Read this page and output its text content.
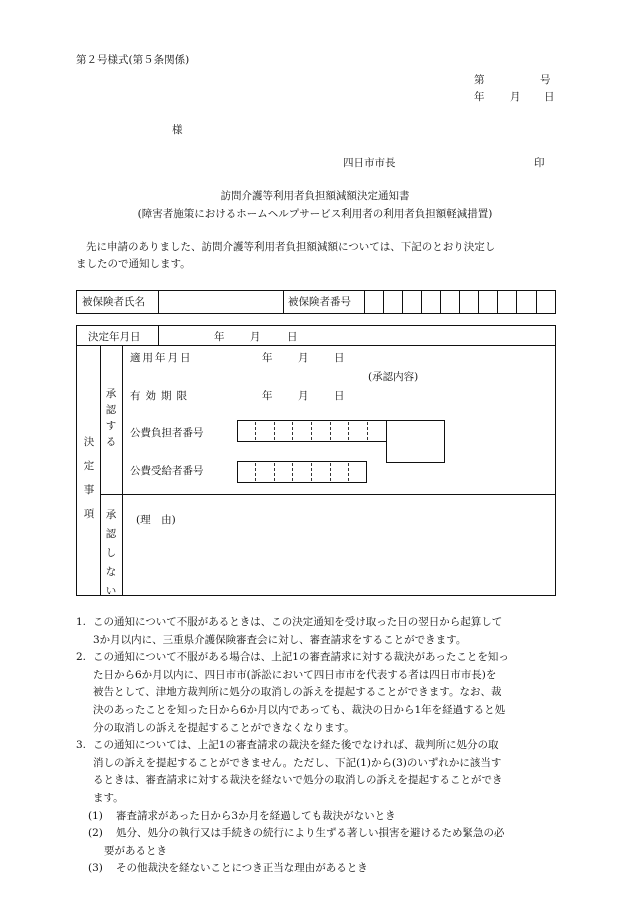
第２号様式(第５条関係)
第	号
年 月 日
様
四日市市長	印
訪問介護等利用者負担額減額決定通知書
(障害者施策におけるホームヘルプサービス利用者の利用者負担額軽減措置)
先に申請のありました、訪問介護等利用者負担額減額については、下記のとおり決定し
ましたので通知します。
被保険者氏名	被保険者番号
決定年月日	年 月	日
決定事項
承認する
適用年月日	年 月 日
(承認内容)
有効期限	年 月 日
公費負担者番号
公費受給者番号
承認しない
(理　由)
1. この通知について不服があるときは、この決定通知を受け取った日の翌日から起算して
3か月以内に、三重県介護保険審査会に対し、審査請求をすることができます。
2. この通知について不服がある場合は、上記1の審査請求に対する裁決があったことを知っ
た日から6か月以内に、四日市市(訴訟において四日市市を代表する者は四日市市長)を
被告として、津地方裁判所に処分の取消しの訴えを提起することができます。なお、裁
決のあったことを知った日から6か月以内であっても、裁決の日から1年を経過すると処
分の取消しの訴えを提起することができなくなります。
3. この通知については、上記1の審査請求の裁決を経た後でなければ、裁判所に処分の取
消しの訴えを提起することができません。ただし、下記(1)から(3)のいずれかに該当す
るときは、審査請求に対する裁決を経ないで処分の取消しの訴えを提起することができ
ます。
(1) 審査請求があった日から3か月を経過しても裁決がないとき
(2) 処分、処分の執行又は手続きの続行により生ずる著しい損害を避けるため緊急の必
要があるとき
(3) その他裁決を経ないことにつき正当な理由があるとき
